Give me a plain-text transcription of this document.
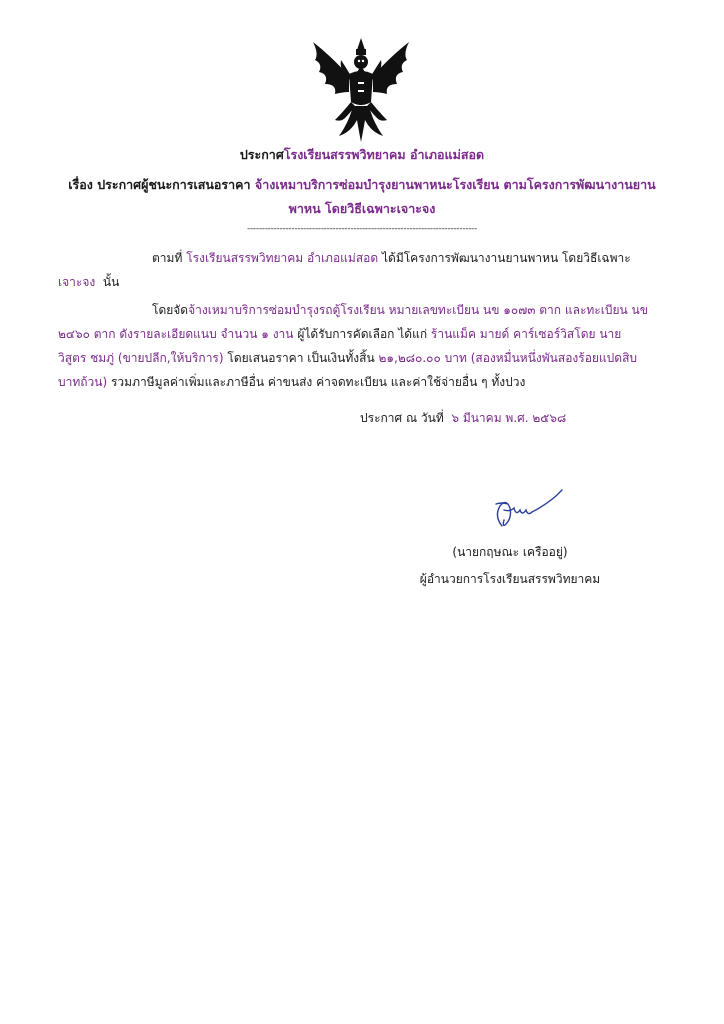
ประกาศโรงเรียนสรรพวิทยาคม อำเภอแม่สอด
เรื่อง ประกาศผู้ชนะการเสนอราคา จ้างเหมาบริการซ่อมบำรุงยานพาหนะโรงเรียน ตามโครงการพัฒนางานยาน
พาหน โดยวิธีเฉพาะเจาะจง
------------------------------------------------------------------------------
ตามที่ โรงเรียนสรรพวิทยาคม อำเภอแม่สอด ได้มีโครงการพัฒนางานยานพาหน โดยวิธีเฉพาะ
เจาะจง นั้น
โดยจัดจ้างเหมาบริการซ่อมบำรุงรถตู้โรงเรียน หมายเลขทะเบียน นข ๑๐๗๓ ตาก และทะเบียน นข
๒๔๖๐ ตาก ดังรายละเอียดแนบ จำนวน ๑ งาน ผู้ได้รับการคัดเลือก ได้แก่ ร้านแม็ค มายด์ คาร์เซอร์วิสโดย นาย
วิสูตร ชมภู่ (ขายปลีก,ให้บริการ) โดยเสนอราคา เป็นเงินทั้งสิ้น ๒๑,๒๘๐.๐๐ บาท (สองหมื่นหนึ่งพันสองร้อยแปดสิบ
บาทถ้วน) รวมภาษีมูลค่าเพิ่มและภาษีอื่น ค่าขนส่ง ค่าจดทะเบียน และค่าใช้จ่ายอื่น ๆ ทั้งปวง
ประกาศ ณ วันที่ ๖ มีนาคม พ.ศ. ๒๕๖๘
(นายกฤษณะ เครืออยู่)
ผู้อำนวยการโรงเรียนสรรพวิทยาคม
